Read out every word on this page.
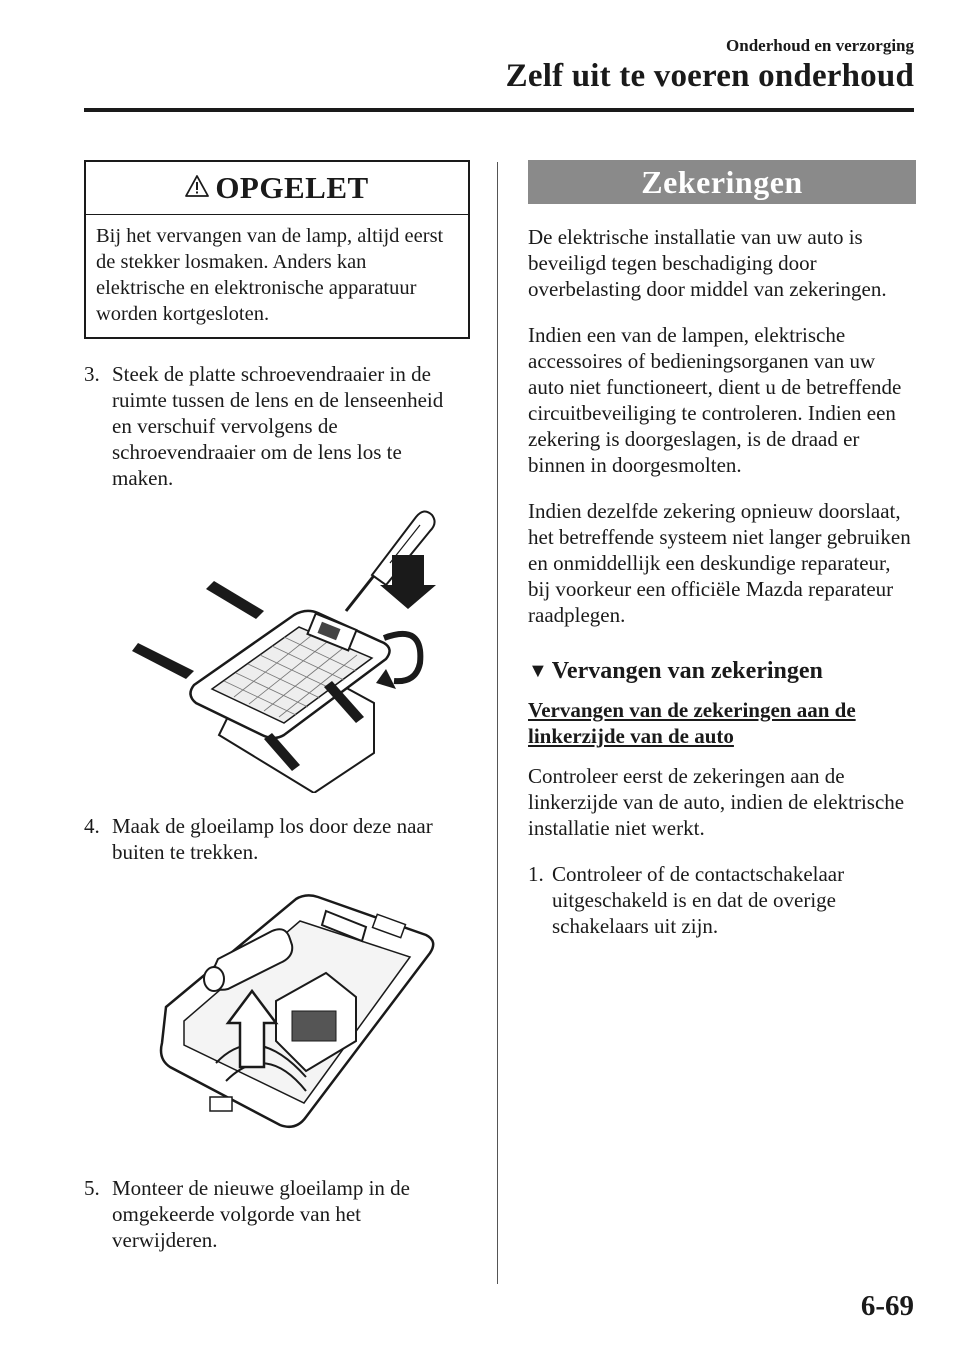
Onderhoud en verzorging
Zelf uit te voeren onderhoud
OPGELET
Bij het vervangen van de lamp, altijd eerst de stekker losmaken. Anders kan elektrische en elektronische apparatuur worden kortgesloten.
3. Steek de platte schroevendraaier in de
ruimte tussen de lens en de lenseenheid
en verschuif vervolgens de
schroevendraaier om de lens los te
maken.
4. Maak de gloeilamp los door deze naar
buiten te trekken.
5. Monteer de nieuwe gloeilamp in de
omgekeerde volgorde van het
verwijderen.
Zekeringen
De elektrische installatie van uw auto is beveiligd tegen beschadiging door overbelasting door middel van zekeringen.
Indien een van de lampen, elektrische accessoires of bedieningsorganen van uw auto niet functioneert, dient u de betreffende circuitbeveiliging te controleren. Indien een zekering is doorgeslagen, is de draad er binnen in doorgesmolten.
Indien dezelfde zekering opnieuw doorslaat, het betreffende systeem niet langer gebruiken en onmiddellijk een deskundige reparateur, bij voorkeur een officiële Mazda reparateur raadplegen.
▼ Vervangen van zekeringen
Vervangen van de zekeringen aan de linkerzijde van de auto
Controleer eerst de zekeringen aan de linkerzijde van de auto, indien de elektrische installatie niet werkt.
1. Controleer of de contactschakelaar uitgeschakeld is en dat de overige schakelaars uit zijn.
6-69
